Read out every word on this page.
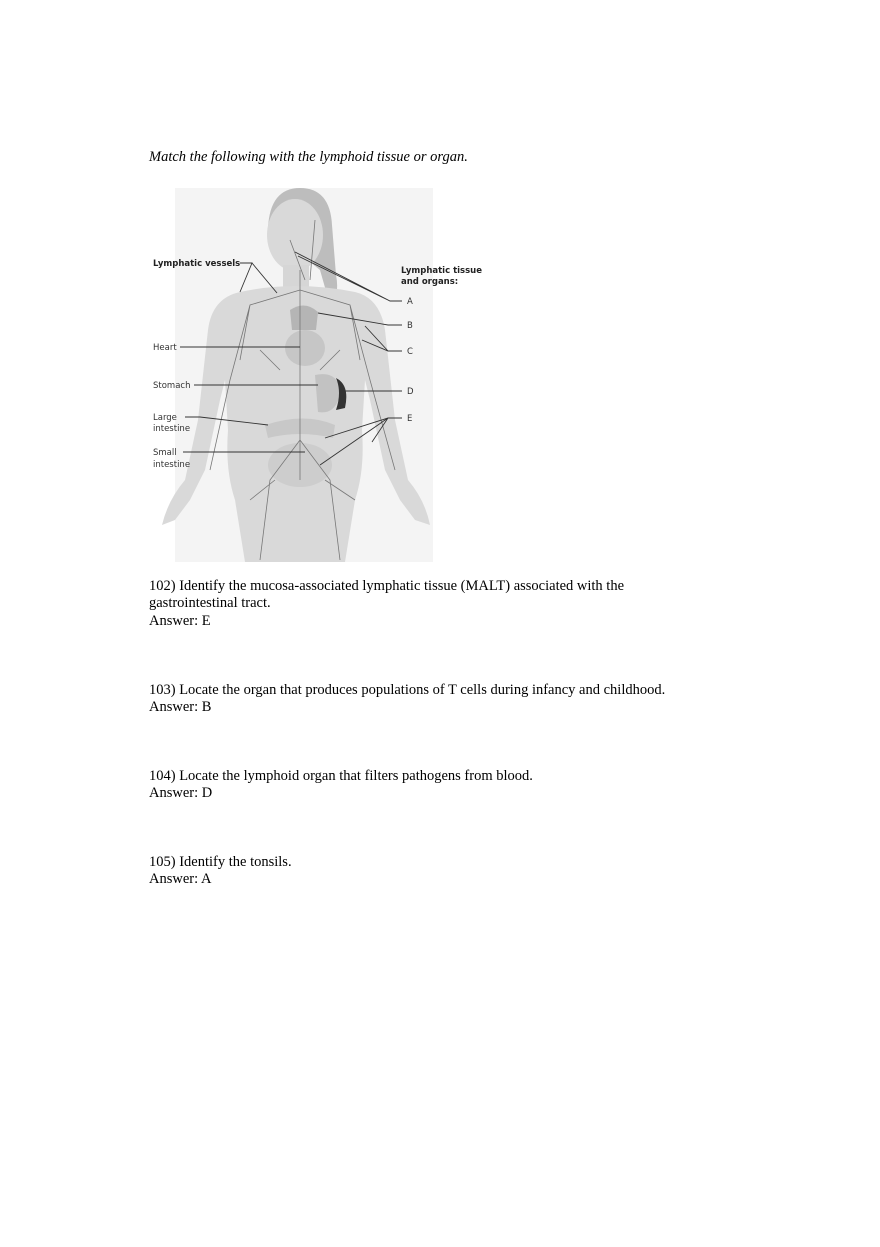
Match the following with the lymphoid tissue or organ.
Lymphatic vessels
Heart
Stomach
Large
intestine
Small
intestine
Lymphatic tissue
and organs:
A
B
C
D
E
102) Identify the mucosa-associated lymphatic tissue (MALT) associated with the
gastrointestinal tract.
Answer: E
103) Locate the organ that produces populations of T cells during infancy and childhood.
Answer: B
104) Locate the lymphoid organ that filters pathogens from blood.
Answer: D
105) Identify the tonsils.
Answer: A
